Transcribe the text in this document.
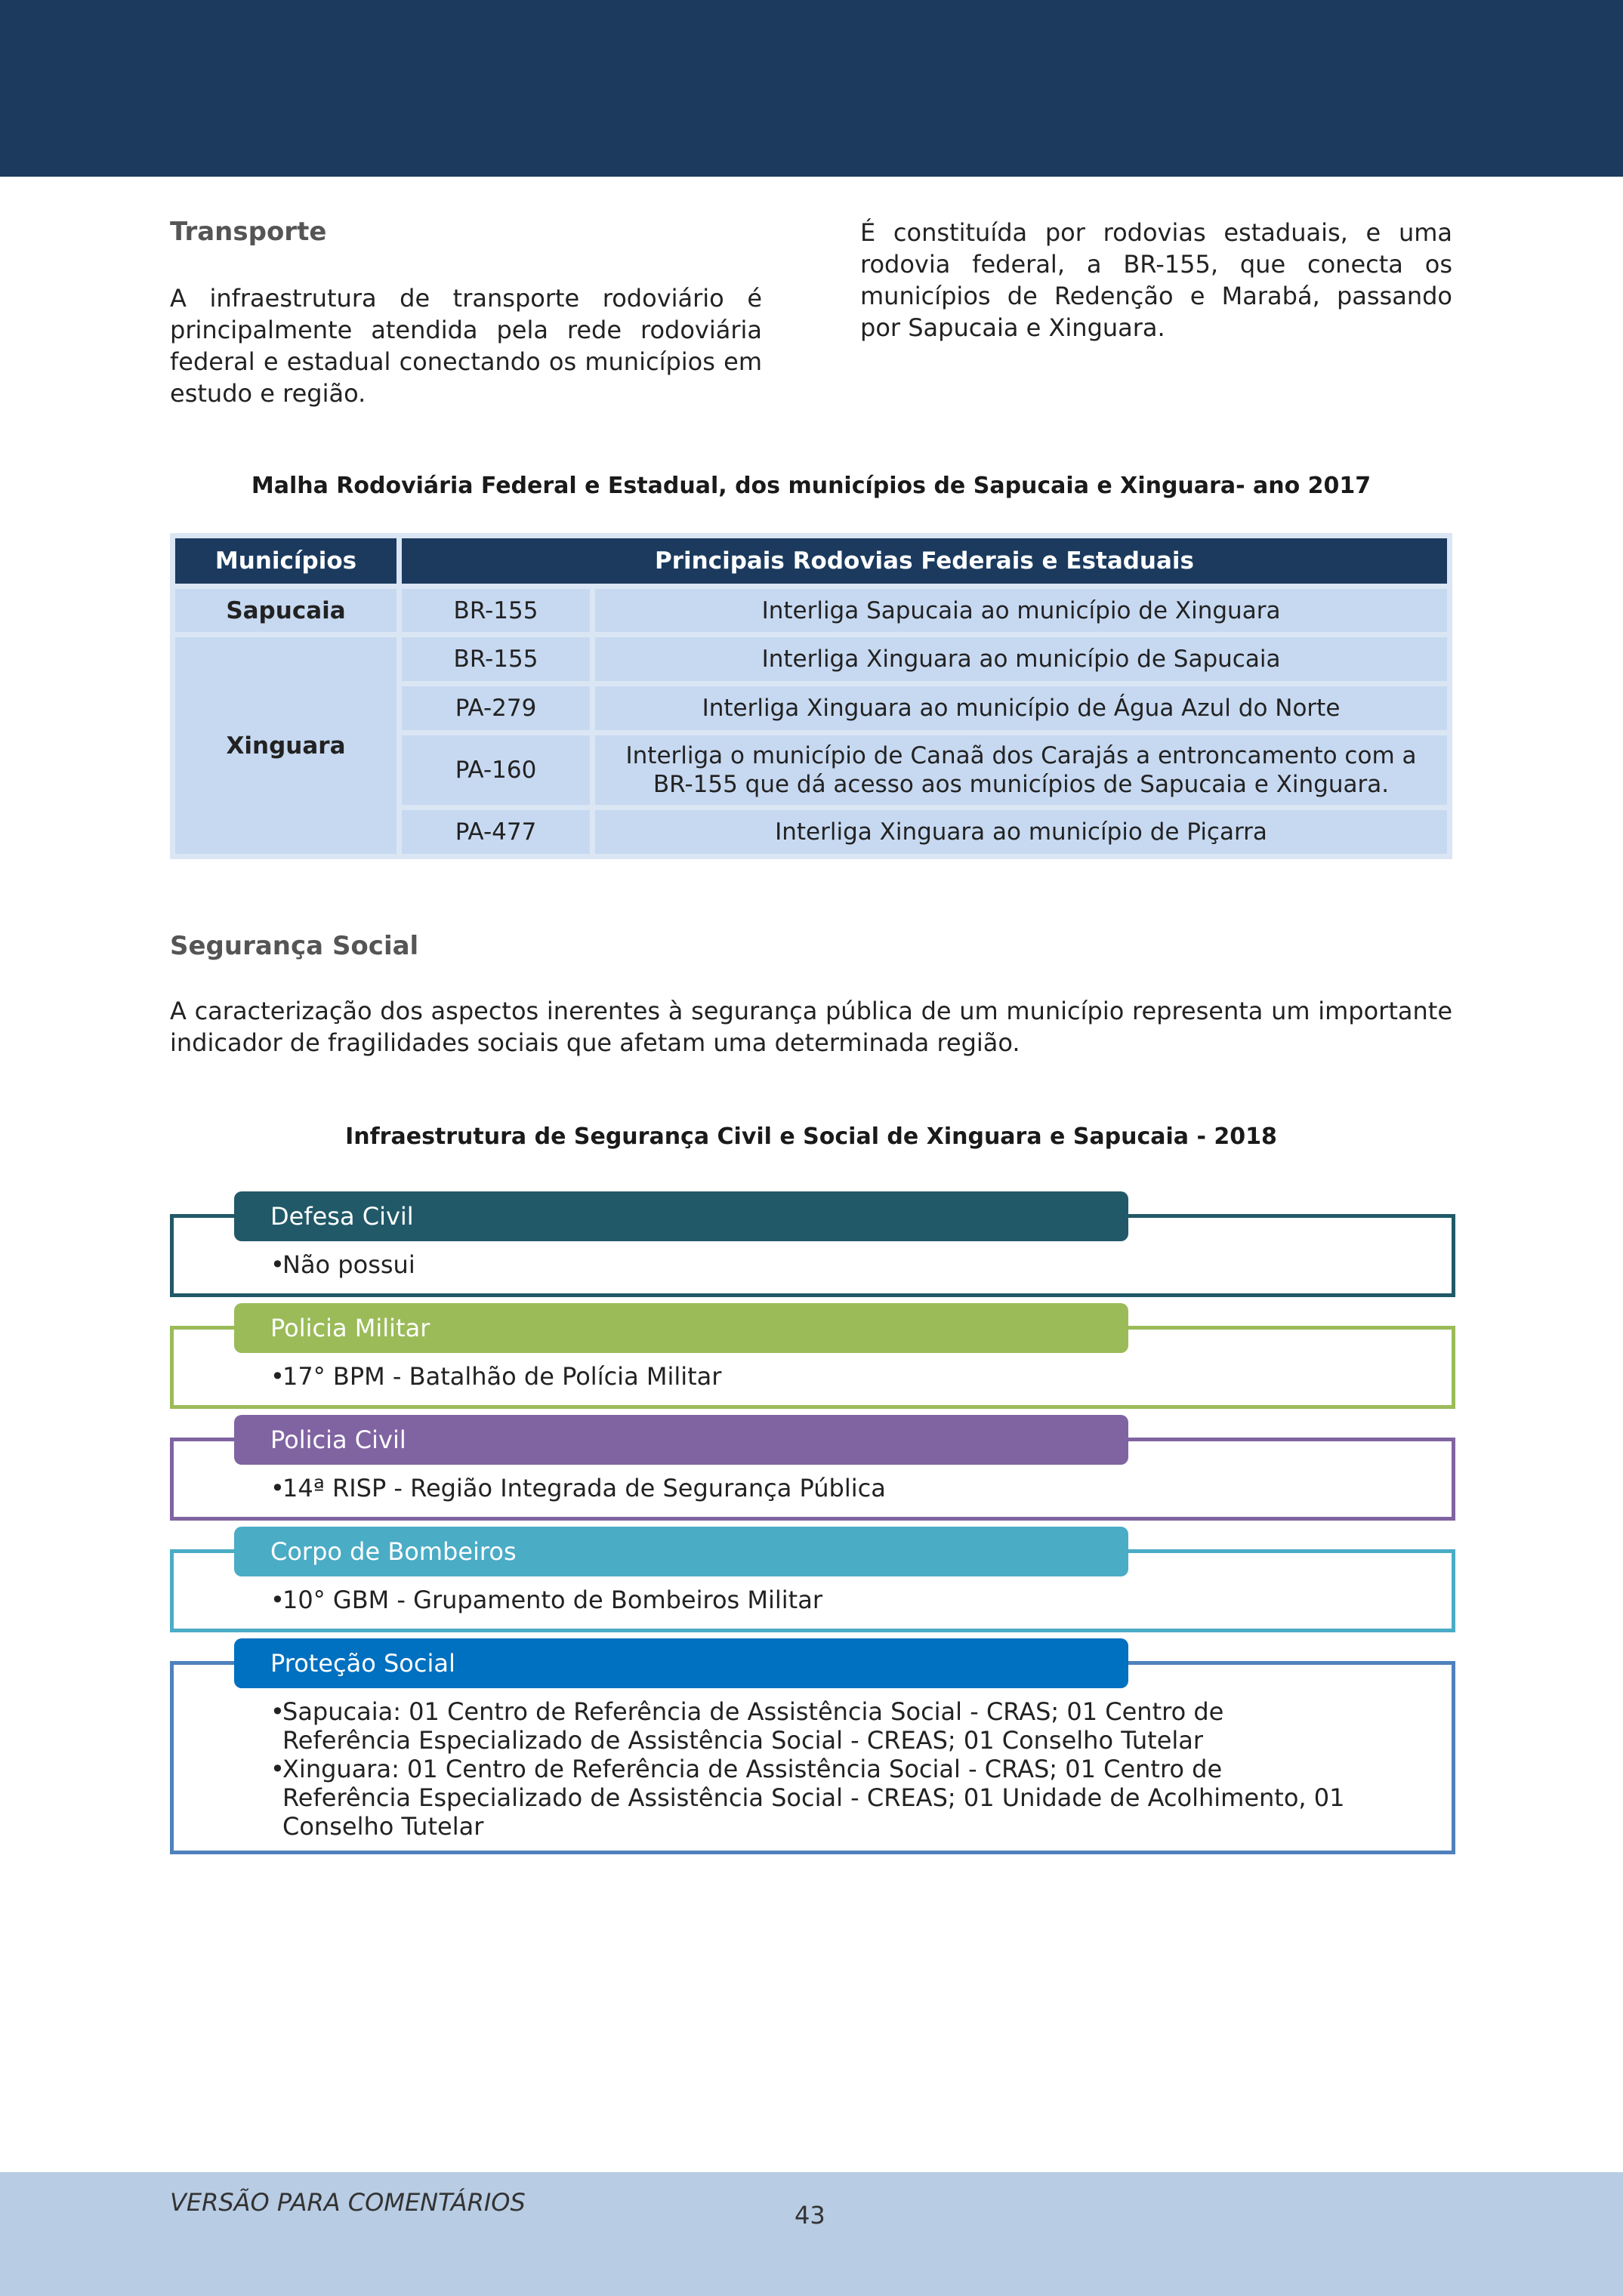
Transporte

A infraestrutura de transporte rodoviário é principalmente atendida pela rede rodoviária federal e estadual conectando os municípios em estudo e região.

É constituída por rodovias estaduais, e uma rodovia federal, a BR-155, que conecta os municípios de Redenção e Marabá, passando por Sapucaia e Xinguara.

Malha Rodoviária Federal e Estadual, dos municípios de Sapucaia e Xinguara- ano 2017

Municípios	Principais Rodovias Federais e Estaduais	
Sapucaia	BR-155	Interliga Sapucaia ao município de Xinguara
Xinguara	BR-155	Interliga Xinguara ao município de Sapucaia
	PA-279	Interliga Xinguara ao município de Água Azul do Norte
	PA-160	Interliga o município de Canaã dos Carajás a entroncamento com a BR-155 que dá acesso aos municípios de Sapucaia e Xinguara.
	PA-477	Interliga Xinguara ao município de Piçarra
Segurança Social

A caracterização dos aspectos inerentes à segurança pública de um município representa um importante indicador de fragilidades sociais que afetam uma determinada região.

Infraestrutura de Segurança Civil e Social de Xinguara e Sapucaia - 2018

Defesa Civil
•
Não possui
Policia Militar
•
17° BPM - Batalhão de Polícia Militar
Policia Civil
•
14ª RISP - Região Integrada de Segurança Pública
Corpo de Bombeiros
•
10° GBM - Grupamento de Bombeiros Militar
Proteção Social
•
Sapucaia: 01 Centro de Referência de Assistência Social - CRAS; 01 Centro de Referência Especializado de Assistência Social - CREAS; 01 Conselho Tutelar
•
Xinguara: 01 Centro de Referência de Assistência Social - CRAS; 01 Centro de Referência Especializado de Assistência Social - CREAS; 01 Unidade de Acolhimento, 01 Conselho Tutelar
VERSÃO PARA COMENTÁRIOS	43
